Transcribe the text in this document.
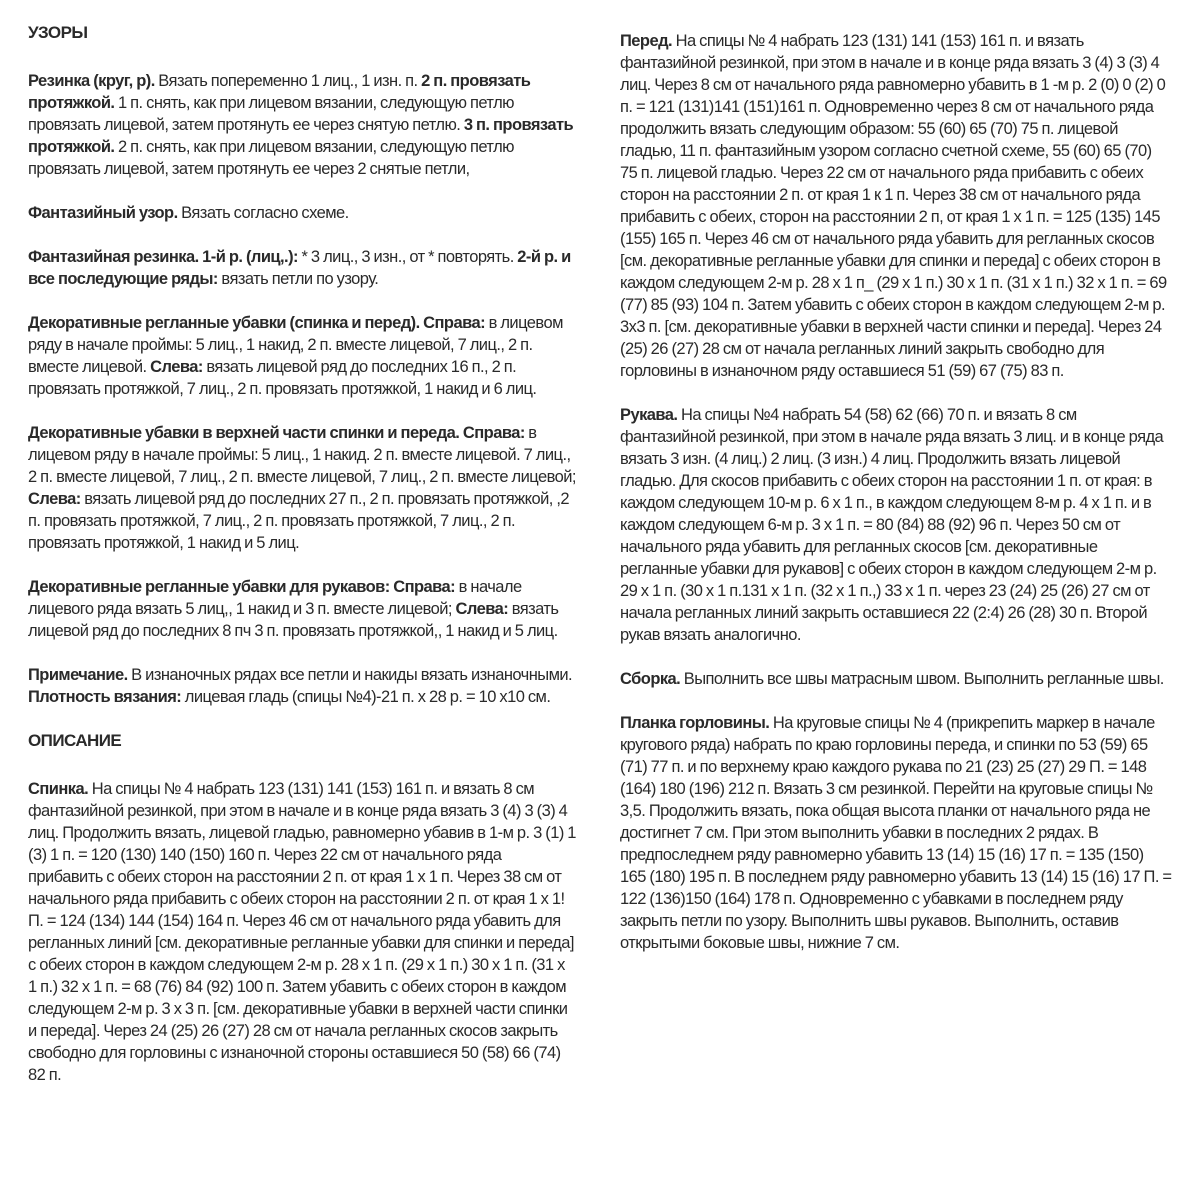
УЗОРЫ
Резинка (круг, р). Вязать попеременно 1 лиц., 1 изн. п. 2 п. провязать протяжкой. 1 п. снять, как при лицевом вязании, следующую петлю провязать лицевой, затем протянуть ее через снятую петлю. 3 п. провязать протяжкой. 2 п. снять, как при лицевом вязании, следующую петлю провязать лицевой, затем протянуть ее через 2 снятые петли,
Фантазийный узор. Вязать согласно схеме.
Фантазийная резинка. 1-й р. (лиц,.): * 3 лиц., 3 изн., от * повторять. 2-й р. и все последующие ряды: вязать петли по узору.
Декоративные регланные убавки (спинка и перед). Справа: в лицевом ряду в начале проймы: 5 лиц., 1 накид, 2 п. вместе лицевой, 7 лиц., 2 п. вместе лицевой. Слева: вязать лицевой ряд до последних 16 п., 2 п. провязать протяжкой, 7 лиц., 2 п. провязать протяжкой, 1 накид и 6 лиц.
Декоративные убавки в верхней части спинки и переда. Справа: в лицевом ряду в начале проймы: 5 лиц., 1 накид. 2 п. вместе лицевой. 7 лиц., 2 п. вместе лицевой, 7 лиц., 2 п. вместе лицевой, 7 лиц., 2 п. вместе лицевой;
Слева: вязать лицевой ряд до последних 27 п., 2 п. провязать протяжкой, ,2 п. провязать протяжкой, 7 лиц., 2 п. провязать протяжкой, 7 лиц., 2 п. провязать протяжкой, 1 накид и 5 лиц.
Декоративные регланные убавки для рукавов: Справа: в начале лицевого ряда вязать 5 лиц,, 1 накид и 3 п. вместе лицевой; Слева: вязать лицевой ряд до последних 8 пч 3 п. провязать протяжкой,, 1 накид и 5 лиц.
Примечание. В изнаночных рядах все петли и накиды вязать изнаночными.
Плотность вязания: лицевая гладь (спицы №4)-21 п. х 28 р. = 10 х10 см.
ОПИСАНИЕ
Спинка. На спицы № 4 набрать 123 (131) 141 (153) 161 п. и вязать 8 см фантазийной резинкой, при этом в начале и в конце ряда вязать 3 (4) 3 (3) 4 лиц. Продолжить вязать, лицевой гладью, равномерно убавив в 1-м р. 3 (1) 1 (3) 1 п. = 120 (130) 140 (150) 160 п. Через 22 см от начального ряда прибавить с обеих сторон на расстоянии 2 п. от края 1 х 1 п. Через 38 см от начального ряда прибавить с обеих сторон на расстоянии 2 п. от края 1 х 1! П. = 124 (134) 144 (154) 164 п. Через 46 см от начального ряда убавить для регланных линий [см. декоративные регланные убавки для спинки и переда] с обеих сторон в каждом следующем 2-м р. 28 х 1 п. (29 х 1 п.) 30 х 1 п. (31 х 1 п.) 32 х 1 п. = 68 (76) 84 (92) 100 п. Затем убавить с обеих сторон в каждом следующем 2-м р. 3 х 3 п. [см. декоративные убавки в верхней части спинки и переда]. Через 24 (25) 26 (27) 28 см от начала регланных скосов закрыть свободно для горловины с изнаночной стороны оставшиеся 50 (58) 66 (74) 82 п.
Перед. На спицы № 4 набрать 123 (131) 141 (153) 161 п. и вязать фантазийной резинкой, при этом в начале и в конце ряда вязать 3 (4) 3 (3) 4 лиц. Через 8 см от начального ряда равномерно убавить в 1 -м р. 2 (0) 0 (2) 0 п. = 121 (131)141 (151)161 п. Одновременно через 8 см от начального ряда продолжить вязать следующим образом: 55 (60) 65 (70) 75 п. лицевой гладью, 11 п. фантазийным узором согласно счетной схеме, 55 (60) 65 (70) 75 п. лицевой гладью. Через 22 см от начального ряда прибавить с обеих сторон на расстоянии 2 п. от края 1 к 1 п. Через 38 см от начального ряда прибавить с обеих, сторон на расстоянии 2 п, от края 1 х 1 п. = 125 (135) 145 (155) 165 п. Через 46 см от начального ряда убавить для регланных скосов [см. декоративные регланные убавки для спинки и переда] с обеих сторон в каждом следующем 2-м р. 28 х 1 п_ (29 х 1 п.) 30 х 1 п. (31 х 1 п.) 32 х 1 п. = 69 (77) 85 (93) 104 п. Затем убавить с обеих сторон в каждом следующем 2-м р. 3х3 п. [см. декоративные убавки в верхней части спинки и переда]. Через 24 (25) 26 (27) 28 см от начала регланных линий закрыть свободно для горловины в изнаночном ряду оставшиеся 51 (59) 67 (75) 83 п.
Рукава. На спицы №4 набрать 54 (58) 62 (66) 70 п. и вязать 8 см фантазийной резинкой, при этом в начале ряда вязать 3 лиц. и в конце ряда вязать 3 изн. (4 лиц.) 2 лиц. (3 изн.) 4 лиц. Продолжить вязать лицевой гладью. Для скосов прибавить с обеих сторон на расстоянии 1 п. от края: в каждом следующем 10-м р. 6 х 1 п., в каждом следующем 8-м р. 4 х 1 п. и в каждом следующем 6-м р. 3 х 1 п. = 80 (84) 88 (92) 96 п. Через 50 см от начального ряда убавить для регланных скосов [см. декоративные регланные убавки для рукавов] с обеих сторон в каждом следующем 2-м р. 29 х 1 п. (30 х 1 п.131 х 1 п. (32 х 1 п.,) 33 х 1 п. через 23 (24) 25 (26) 27 см от начала регланных линий закрыть оставшиеся 22 (2:4) 26 (28) 30 п. Второй рукав вязать аналогично.
Сборка. Выполнить все швы матрасным швом. Выполнить регланные швы.
Планка горловины. На круговые спицы № 4 (прикрепить маркер в начале кругового ряда) набрать по краю горловины переда, и спинки по 53 (59) 65 (71) 77 п. и по верхнему краю каждого рукава по 21 (23) 25 (27) 29 П. = 148 (164) 180 (196) 212 п. Вязать 3 см резинкой. Перейти на круговые спицы № 3,5. Продолжить вязать, пока общая высота планки от начального ряда не достигнет 7 см. При этом выполнить убавки в последних 2 рядах. В предпоследнем ряду равномерно убавить 13 (14) 15 (16) 17 п. = 135 (150) 165 (180) 195 п. В последнем ряду равномерно убавить 13 (14) 15 (16) 17 П. = 122 (136)150 (164) 178 п. Одновременно с убавками в последнем ряду закрыть петли по узору. Выполнить швы рукавов. Выполнить, оставив открытыми боковые швы, нижние 7 см.
